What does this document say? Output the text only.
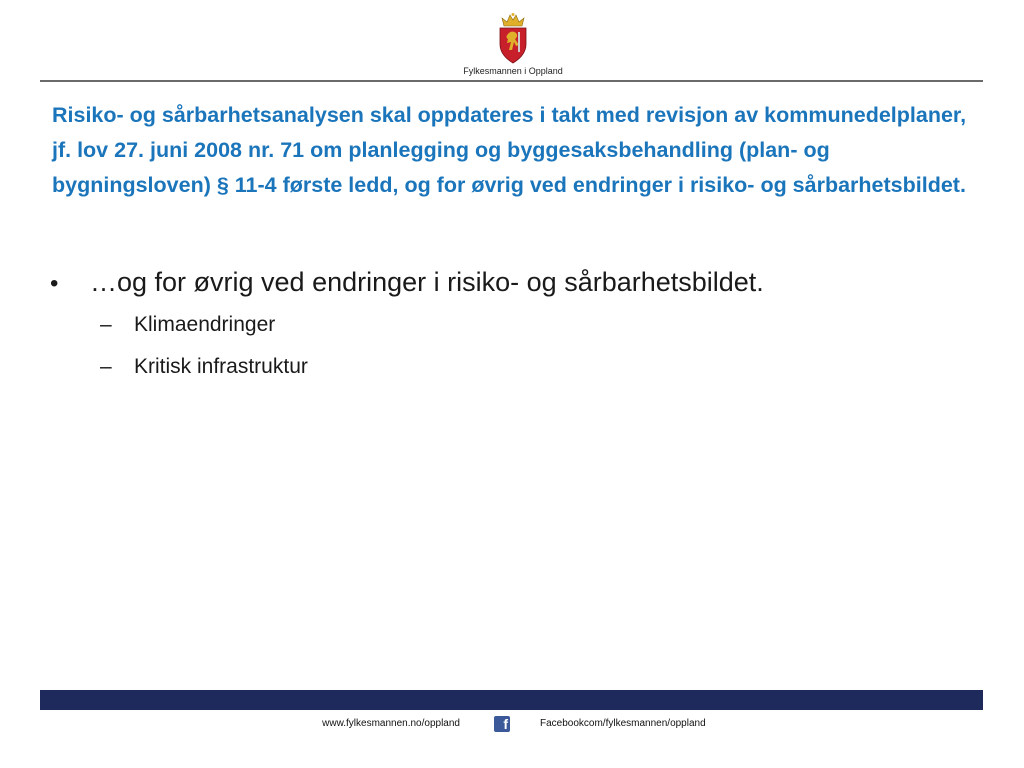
Fylkesmannen i Oppland
Risiko- og sårbarhetsanalysen skal oppdateres i takt med revisjon av kommunedelplaner, jf. lov 27. juni 2008 nr. 71 om planlegging og byggesaksbehandling (plan- og bygningsloven) § 11-4 første ledd, og for øvrig ved endringer i risiko- og sårbarhetsbildet.
•	…og for øvrig ved endringer i risiko- og sårbarhetsbildet.
–	Klimaendringer
–	Kritisk infrastruktur
www.fylkesmannen.no/oppland	f	Facebookcom/fylkesmannen/oppland
